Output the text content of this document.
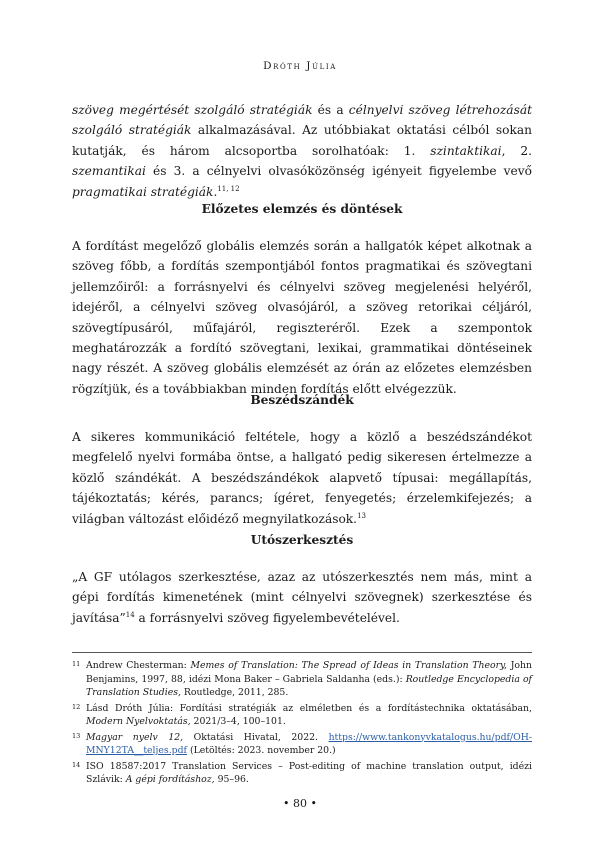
Dróth Júlia

szöveg megértését szolgáló stratégiák és a célnyelvi szöveg létrehozását szolgáló stratégiák alkalmazásával. Az utóbbiakat oktatási célból sokan kutatják, és három alcsoportba sorolhatóak: 1. szintaktikai, 2. szemantikai és 3. a célnyelvi olvasóközönség igényeit figyelembe vevő pragmatikai stratégiák.$^{11, 12}$

Előzetes elemzés és döntések

A fordítást megelőző globális elemzés során a hallgatók képet alkotnak a szöveg főbb, a fordítás szempontjából fontos pragmatikai és szövegtani jellemzőiről: a forrásnyelvi és célnyelvi szöveg megjelenési helyéről, idejéről, a célnyelvi szöveg olvasójáról, a szöveg retorikai céljáról, szövegtípusáról, műfajáról, regiszteréről. Ezek a szempontok meghatározzák a fordító szövegtani, lexikai, grammatikai döntéseinek nagy részét. A szöveg globális elemzését az órán az előzetes elemzésben rögzítjük, és a továbbiakban minden fordítás előtt elvégezzük.

Beszédszándék

A sikeres kommunikáció feltétele, hogy a közlő a beszédszándékot megfelelő nyelvi formába öntse, a hallgató pedig sikeresen értelmezze a közlő szándékát. A beszédszándékok alapvető típusai: megállapítás, tájékoztatás; kérés, parancs; ígéret, fenyegetés; érzelemkifejezés; a világban változást előidéző megnyilatkozások.$^{13}$

Utószerkesztés

„A GF utólagos szerkesztése, azaz az utószerkesztés nem más, mint a gépi fordítás kimenetének (mint célnyelvi szövegnek) szerkesztése és javítása”$^{14}$ a forrásnyelvi szöveg figyelembevételével.

11 Andrew Chesterman: Memes of Translation: The Spread of Ideas in Translation Theory, John Benjamins, 1997, 88, idézi Mona Baker – Gabriela Saldanha (eds.): Routledge Encyclopedia of Translation Studies, Routledge, 2011, 285.
12 Lásd Dróth Júlia: Fordítási stratégiák az elméletben és a fordítástechnika oktatásában, Modern Nyelvoktatás, 2021/3–4, 100–101.
13 Magyar nyelv 12, Oktatási Hivatal, 2022. https://www.tankonyvkatalogus.hu/pdf/OH-MNY12TA__teljes.pdf (Letöltés: 2023. november 20.)
14 ISO 18587:2017 Translation Services – Post-editing of machine translation output, idézi Szlávik: A gépi fordításhoz, 95–96.
• 80 •
